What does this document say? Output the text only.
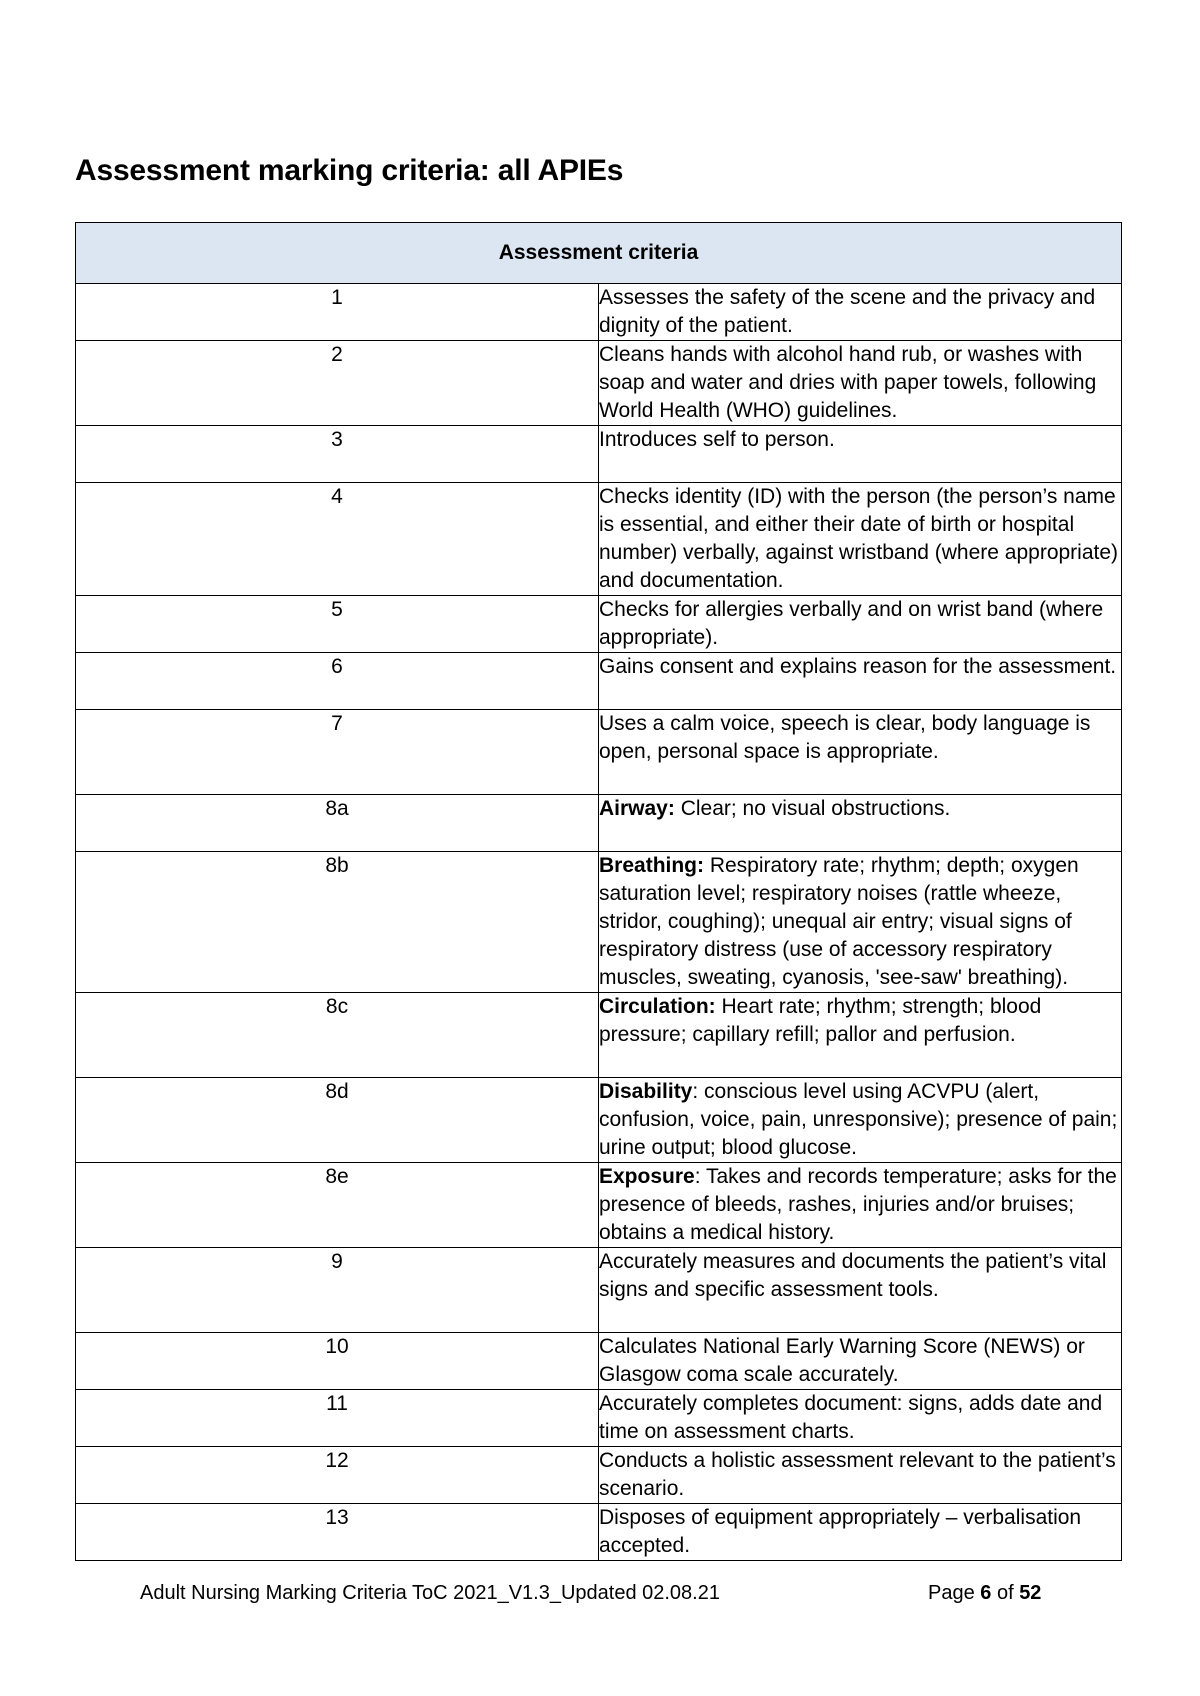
Assessment marking criteria: all APIEs
Assessment criteria	
1	Assesses the safety of the scene and the privacy and dignity of the patient.
2	Cleans hands with alcohol hand rub, or washes with soap and water and dries with paper towels, following World Health (WHO) guidelines.
3	Introduces self to person.
4	Checks identity (ID) with the person (the person’s name is essential, and either their date of birth or hospital number) verbally, against wristband (where appropriate) and documentation.
5	Checks for allergies verbally and on wrist band (where appropriate).
6	Gains consent and explains reason for the assessment.
7	Uses a calm voice, speech is clear, body language is open, personal space is appropriate.
8a	Airway: Clear; no visual obstructions.
8b	Breathing: Respiratory rate; rhythm; depth; oxygen saturation level; respiratory noises (rattle wheeze, stridor, coughing); unequal air entry; visual signs of respiratory distress (use of accessory respiratory muscles, sweating, cyanosis, 'see-saw' breathing).
8c	Circulation: Heart rate; rhythm; strength; blood pressure; capillary refill; pallor and perfusion.
8d	Disability: conscious level using ACVPU (alert, confusion, voice, pain, unresponsive); presence of pain; urine output; blood glucose.
8e	Exposure: Takes and records temperature; asks for the presence of bleeds, rashes, injuries and/or bruises; obtains a medical history.
9	Accurately measures and documents the patient’s vital signs and specific assessment tools.
10	Calculates National Early Warning Score (NEWS) or Glasgow coma scale accurately.
11	Accurately completes document: signs, adds date and time on assessment charts.
12	Conducts a holistic assessment relevant to the patient’s scenario.
13	Disposes of equipment appropriately – verbalisation accepted.
Adult Nursing Marking Criteria ToC 2021_V1.3_Updated 02.08.21	Page 6 of 52
